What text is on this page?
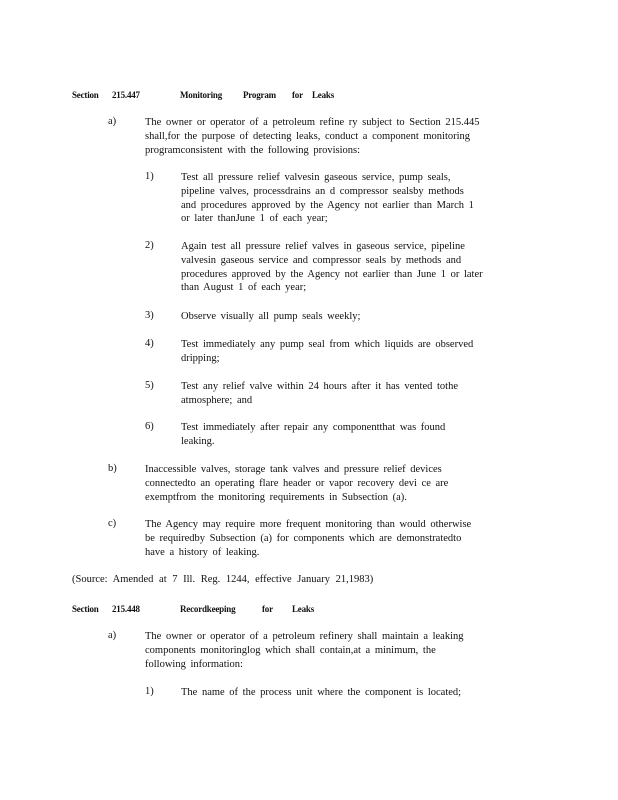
Section 215.447	Monitoring Program for Leaks
a)	The owner or operator of a petroleum refine ry subject to Section 215.445
shall,for the purpose of detecting leaks, conduct a component monitoring
programconsistent with the following provisions:
1)	Test all pressure relief valvesin gaseous service, pump seals,
pipeline valves, processdrains an d compressor sealsby methods
and procedures approved by the Agency not earlier than March 1
or later thanJune 1 of each year;
2)	Again test all pressure relief valves in gaseous service, pipeline
valvesin gaseous service and compressor seals by methods and
procedures approved by the Agency not earlier than June 1 or later
than August 1 of each year;
3)	Observe visually all pump seals weekly;
4)	Test immediately any pump seal from which liquids are observed
dripping;
5)	Test any relief valve within 24 hours after it has vented tothe
atmosphere; and
6)	Test immediately after repair any componentthat was found
leaking.
b)	Inaccessible valves, storage tank valves and pressure relief devices
connectedto an operating flare header or vapor recovery devi ce are
exemptfrom the monitoring requirements in Subsection (a).
c)	The Agency may require more frequent monitoring than would otherwise
be requiredby Subsection (a) for components which are demonstratedto
have a history of leaking.
(Source: Amended at 7 Ill. Reg. 1244, effective January 21,1983)
Section 215.448	Recordkeeping	for Leaks
a)	The owner or operator of a petroleum refinery shall maintain a leaking
components monitoringlog which shall contain,at a minimum, the
following information:
1)	The name of the process unit where the component is located;
